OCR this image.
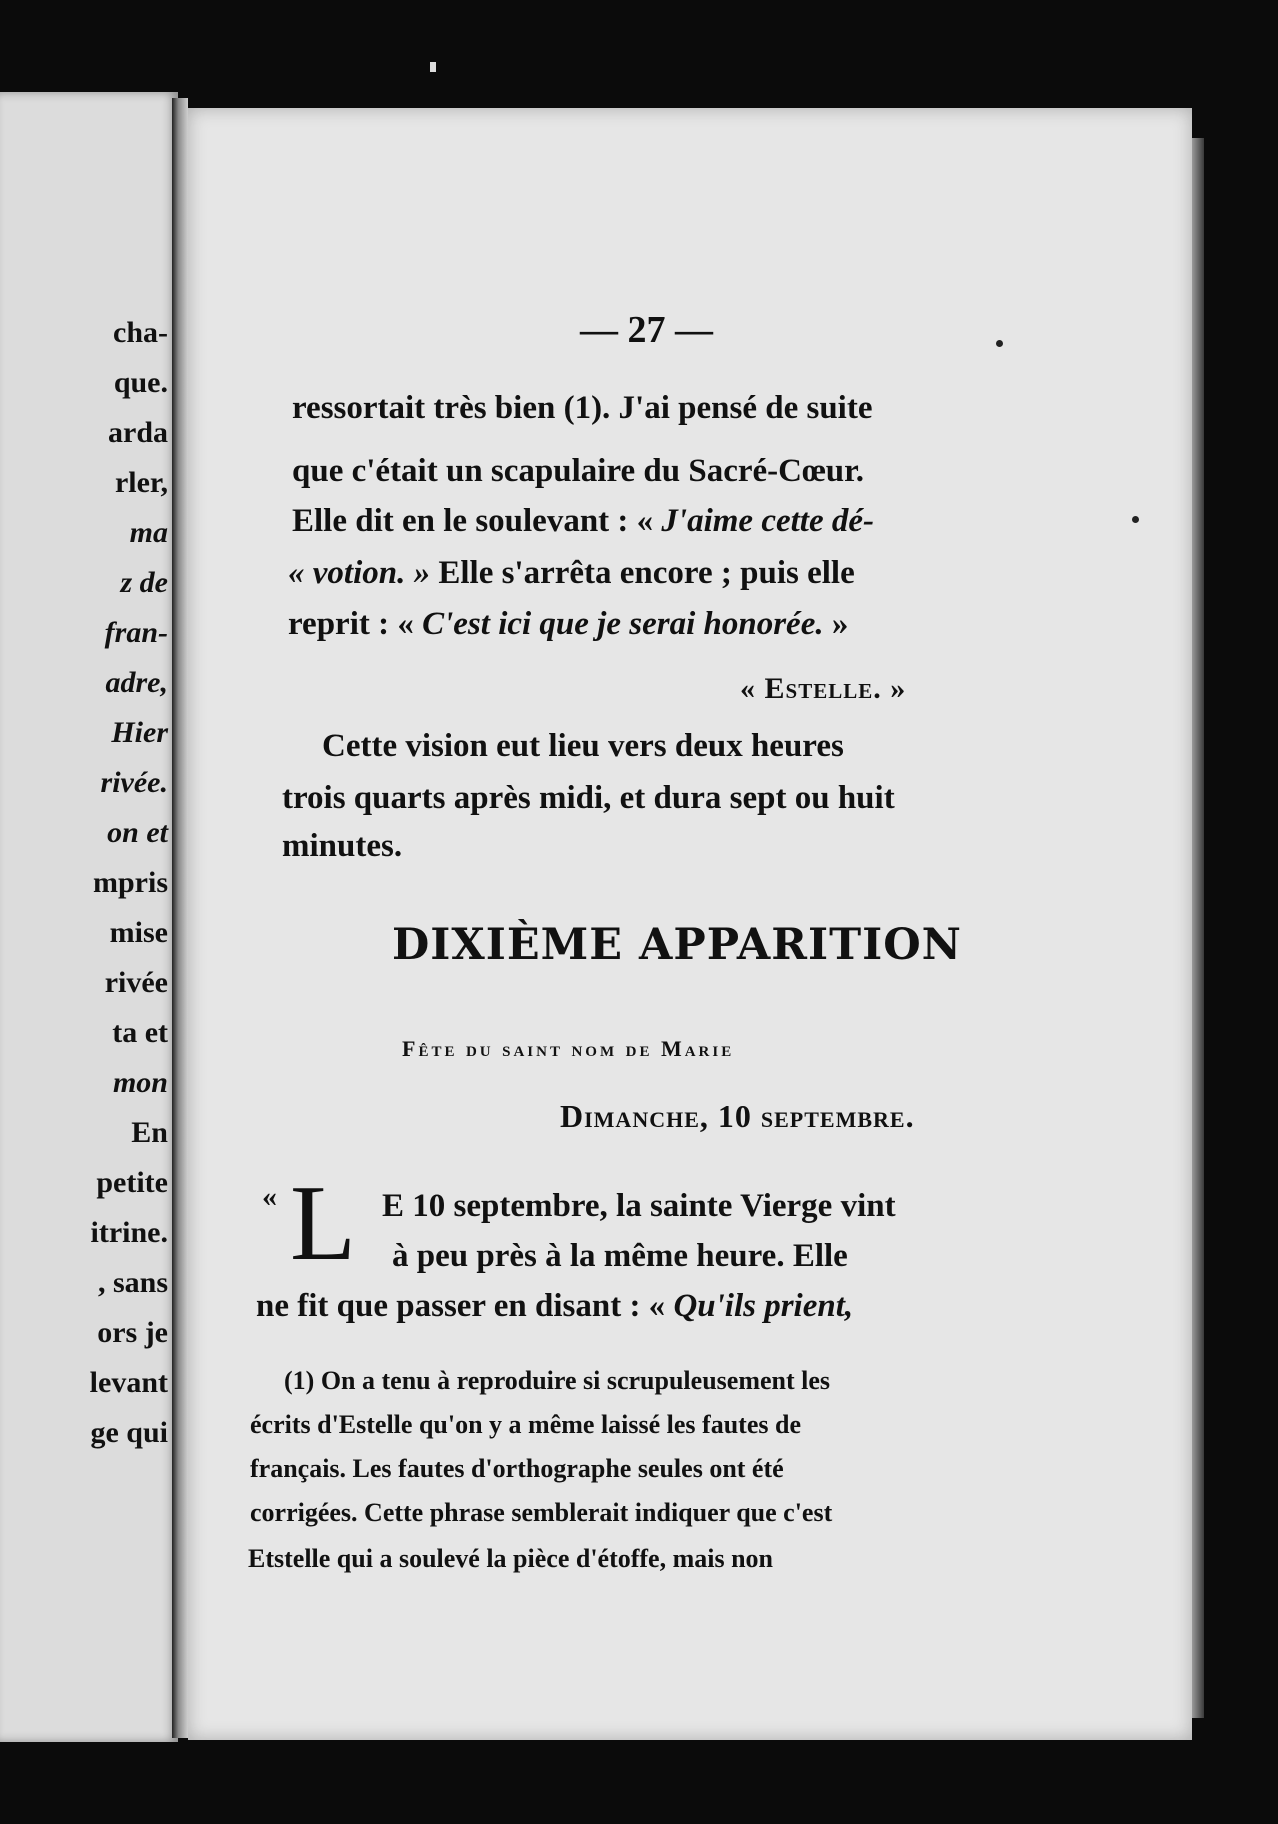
cha-
que.
arda
rler,
ma
z de
fran-
adre,
Hier
rivée.
on et
mpris
mise
rivée
ta et
mon
En
petite
itrine.
, sans
ors je
levant
ge qui
— 27 —
ressortait très bien (1). J'ai pensé de suite
que c'était un scapulaire du Sacré-Cœur.
Elle dit en le soulevant : « J'aime cette dé-
« votion. » Elle s'arrêta encore ; puis elle
reprit : « C'est ici que je serai honorée. »
« Estelle. »
Cette vision eut lieu vers deux heures
trois quarts après midi, et dura sept ou huit
minutes.
DIXIÈME APPARITION
Fête du saint nom de Marie
Dimanche, 10 septembre.
« L E 10 septembre, la sainte Vierge vint
à peu près à la même heure. Elle
ne fit que passer en disant : « Qu'ils prient,
(1) On a tenu à reproduire si scrupuleusement les
écrits d'Estelle qu'on y a même laissé les fautes de
français. Les fautes d'orthographe seules ont été
corrigées. Cette phrase semblerait indiquer que c'est
Etstelle qui a soulevé la pièce d'étoffe, mais non
